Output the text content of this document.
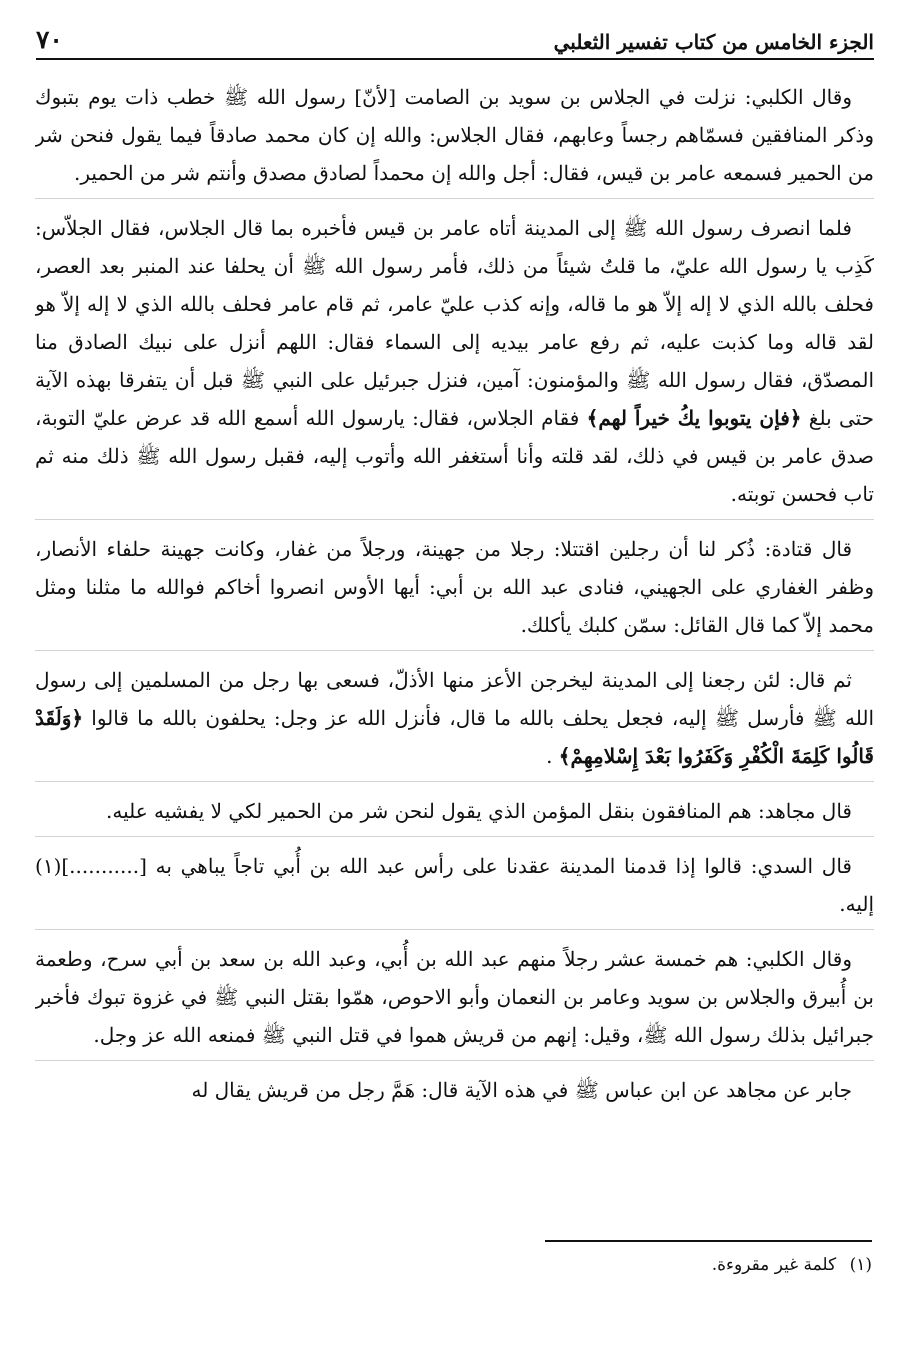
الجزء الخامس من كتاب تفسير الثعلبي
٧٠

وقال الكلبي: نزلت في الجلاس بن سويد بن الصامت [لأنّ] رسول الله ﷺ خطب ذات يوم بتبوك وذكر المنافقين فسمّاهم رجساً وعابهم، فقال الجلاس: والله إن كان محمد صادقاً فيما يقول فنحن شر من الحمير فسمعه عامر بن قيس، فقال: أجل والله إن محمداً لصادق مصدق وأنتم شر من الحمير.

فلما انصرف رسول الله ﷺ إلى المدينة أتاه عامر بن قيس فأخبره بما قال الجلاس، فقال الجلاّس: كَذِب يا رسول الله عليّ، ما قلتُ شيئاً من ذلك، فأمر رسول الله ﷺ أن يحلفا عند المنبر بعد العصر، فحلف بالله الذي لا إله إلاّ هو ما قاله، وإنه كذب عليّ عامر، ثم قام عامر فحلف بالله الذي لا إله إلاّ هو لقد قاله وما كذبت عليه، ثم رفع عامر بيديه إلى السماء فقال: اللهم أنزل على نبيك الصادق منا المصدّق، فقال رسول الله ﷺ والمؤمنون: آمين، فنزل جبرئيل على النبي ﷺ قبل أن يتفرقا بهذه الآية حتى بلغ ﴿فإن يتوبوا يكُ خيراً لهم﴾ فقام الجلاس، فقال: يارسول الله أسمع الله قد عرض عليّ التوبة، صدق عامر بن قيس في ذلك، لقد قلته وأنا أستغفر الله وأتوب إليه، فقبل رسول الله ﷺ ذلك منه ثم تاب فحسن توبته.

قال قتادة: ذُكر لنا أن رجلين اقتتلا: رجلا من جهينة، ورجلاً من غفار، وكانت جهينة حلفاء الأنصار، وظفر الغفاري على الجهيني، فنادى عبد الله بن أبي: أيها الأوس انصروا أخاكم فوالله ما مثلنا ومثل محمد إلاّ كما قال القائل: سمّن كلبك يأكلك.

ثم قال: لئن رجعنا إلى المدينة ليخرجن الأعز منها الأذلّ، فسعى بها رجل من المسلمين إلى رسول الله ﷺ فأرسل ﷺ إليه، فجعل يحلف بالله ما قال، فأنزل الله عز وجل: يحلفون بالله ما قالوا ﴿وَلَقَدْ قَالُوا كَلِمَةَ الْكُفْرِ وَكَفَرُوا بَعْدَ إِسْلامِهِمْ﴾ .

قال مجاهد: هم المنافقون بنقل المؤمن الذي يقول لنحن شر من الحمير لكي لا يفشيه عليه.

قال السدي: قالوا إذا قدمنا المدينة عقدنا على رأس عبد الله بن أُبي تاجاً يباهي به [...........](١) إليه.

وقال الكلبي: هم خمسة عشر رجلاً منهم عبد الله بن أُبي، وعبد الله بن سعد بن أبي سرح، وطعمة بن أُبيرق والجلاس بن سويد وعامر بن النعمان وأبو الاحوص، همّوا بقتل النبي ﷺ في غزوة تبوك فأخبر جبرائيل بذلك رسول الله ﷺ، وقيل: إنهم من قريش هموا في قتل النبي ﷺ فمنعه الله عز وجل.

جابر عن مجاهد عن ابن عباس ﷺ في هذه الآية قال: هَمَّ رجل من قريش يقال له

(١) كلمة غير مقروءة.
